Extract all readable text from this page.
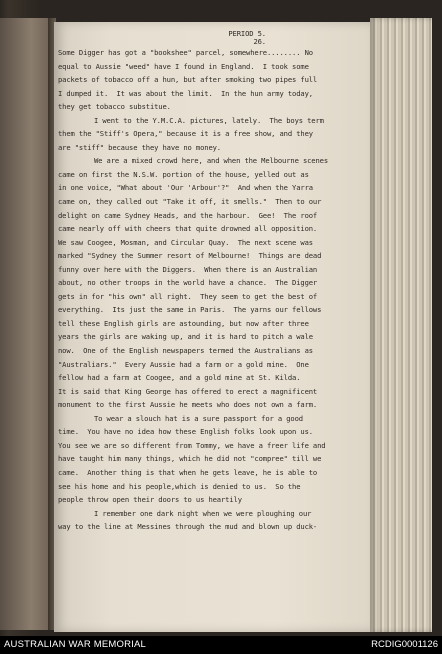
PERIOD 5.
26.
Some Digger has got a "bookshee" parcel, somewhere........ No
equal to Aussie "weed" have I found in England.  I took some
packets of tobacco off a hun, but after smoking two pipes full
I dumped it.  It was about the limit.  In the hun army today,
they get tobacco substitue.
I went to the Y.M.C.A. pictures, lately.  The boys term
them the "Stiff's Opera," because it is a free show, and they
are "stiff" because they have no money.
We are a mixed crowd here, and when the Melbourne scenes
came on first the N.S.W. portion of the house, yelled out as
in one voice, "What about 'Our 'Arbour'?"  And when the Yarra
came on, they called out "Take it off, it smells."  Then to our
delight on came Sydney Heads, and the harbour.  Gee!  The roof
came nearly off with cheers that quite drowned all opposition.
We saw Coogee, Mosman, and Circular Quay.  The next scene was
marked "Sydney the Summer resort of Melbourne!  Things are dead
funny over here with the Diggers.  When there is an Australian
about, no other troops in the world have a chance.  The Digger
gets in for "his own" all right.  They seem to get the best of
everything.  Its just the same in Paris.  The yarns our fellows
tell these English girls are astounding, but now after three
years the girls are waking up, and it is hard to pitch a wale
now.  One of the English newspapers termed the Australians as
"Australiars."  Every Aussie had a farm or a gold mine.  One
fellow had a farm at Coogee, and a gold mine at St. Kilda.
It is said that King George has offered to erect a magnificent
monument to the first Aussie he meets who does not own a farm.
To wear a slouch hat is a sure passport for a good
time.  You have no idea how these English folks look upon us.
You see we are so different from Tommy, we have a freer life and
have taught him many things, which he did not "compree" till we
came.  Another thing is that when he gets leave, he is able to
see his home and his people,which is denied to us.  So the
people throw open their doors to us heartily
I remember one dark night when we were ploughing our
way to the line at Messines through the mud and blown up duck-
AUSTRALIAN WAR MEMORIAL	RCDIG0001126
